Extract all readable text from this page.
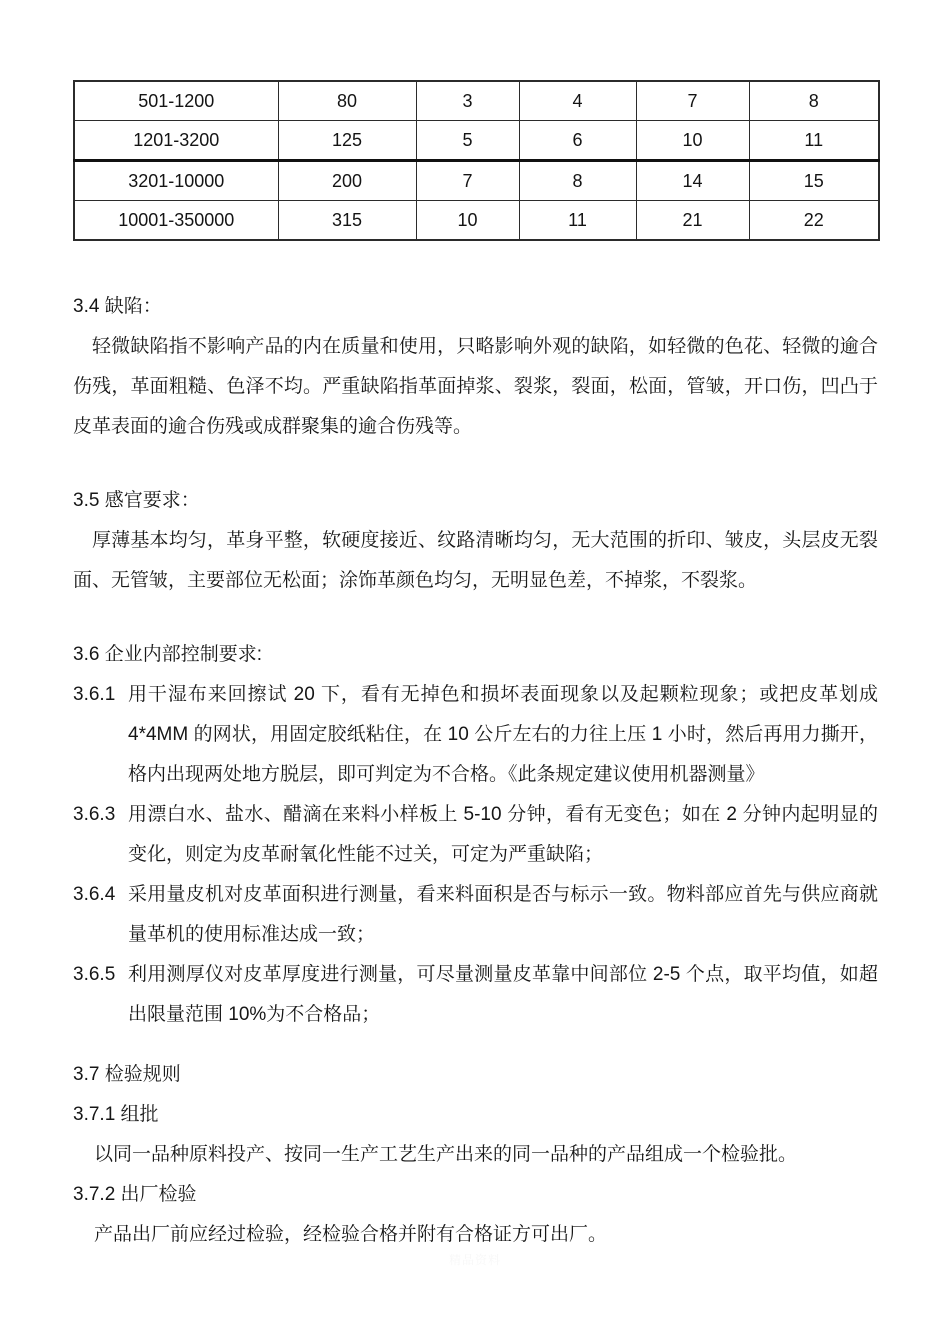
501-1200	80	3	4	7	8
1201-3200	125	5	6	10	11
3201-10000	200	7	8	14	15
10001-350000	315	10	11	21	22

3.4 缺陷：

轻微缺陷指不影响产品的内在质量和使用，只略影响外观的缺陷，如轻微的色花、轻微的逾合伤残，革面粗糙、色泽不均。严重缺陷指革面掉浆、裂浆，裂面，松面，管皱，开口伤，凹凸于皮革表面的逾合伤残或成群聚集的逾合伤残等。

3.5 感官要求：

厚薄基本均匀，革身平整，软硬度接近、纹路清晰均匀，无大范围的折印、皱皮，头层皮无裂面、无管皱，主要部位无松面；涂饰革颜色均匀，无明显色差，不掉浆，不裂浆。

3.6 企业内部控制要求:

3.6.1 用干湿布来回擦试 20 下，看有无掉色和损坏表面现象以及起颗粒现象；或把皮革划成 4*4MM 的网状，用固定胶纸粘住，在 10 公斤左右的力往上压 1 小时，然后再用力撕开，格内出现两处地方脱层，即可判定为不合格。《此条规定建议使用机器测量》
3.6.3 用漂白水、盐水、醋滴在来料小样板上 5-10 分钟，看有无变色；如在 2 分钟内起明显的变化，则定为皮革耐氧化性能不过关，可定为严重缺陷；
3.6.4 采用量皮机对皮革面积进行测量，看来料面积是否与标示一致。物料部应首先与供应商就量革机的使用标准达成一致；
3.6.5 利用测厚仪对皮革厚度进行测量，可尽量测量皮革靠中间部位 2-5 个点，取平均值，如超出限量范围 10%为不合格品；

3.7 检验规则

3.7.1 组批

以同一品种原料投产、按同一生产工艺生产出来的同一品种的产品组成一个检验批。

3.7.2 出厂检验

产品出厂前应经过检验，经检验合格并附有合格证方可出厂。

精品资料
